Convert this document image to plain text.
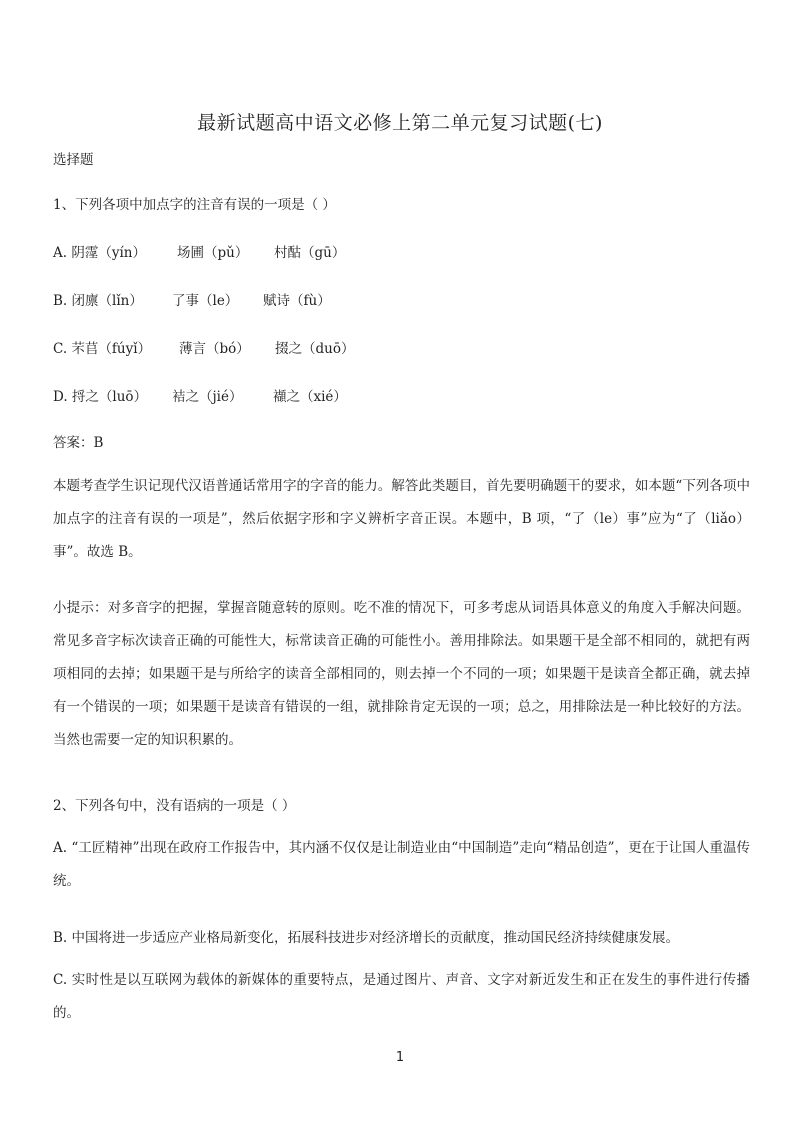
最新试题高中语文必修上第二单元复习试题(七)
选择题
1、下列各项中加点字的注音有误的一项是（ ）
A. 阴霪（yín） 场圃（pǔ） 村酤（gū）
B. 闭廪（lǐn） 了事（le） 赋诗（fù）
C. 芣苢（fúyǐ） 薄言（bó） 掇之（duō）
D. 捋之（luō） 袺之（jié） 襭之（xié）
答案：B
本题考查学生识记现代汉语普通话常用字的字音的能力。解答此类题目，首先要明确题干的要求，如本题“下列各项中加点字的注音有误的一项是”，然后依据字形和字义辨析字音正误。本题中，B 项，“了（le）事”应为“了（liǎo）事”。故选 B。
小提示：对多音字的把握，掌握音随意转的原则。吃不准的情况下，可多考虑从词语具体意义的角度入手解决问题。常见多音字标次读音正确的可能性大，标常读音正确的可能性小。善用排除法。如果题干是全部不相同的，就把有两项相同的去掉；如果题干是与所给字的读音全部相同的，则去掉一个不同的一项；如果题干是读音全都正确，就去掉有一个错误的一项；如果题干是读音有错误的一组，就排除肯定无误的一项；总之，用排除法是一种比较好的方法。当然也需要一定的知识积累的。
2、下列各句中，没有语病的一项是（ ）
A. “工匠精神”出现在政府工作报告中，其内涵不仅仅是让制造业由“中国制造”走向“精品创造”，更在于让国人重温传统。
B. 中国将进一步适应产业格局新变化，拓展科技进步对经济增长的贡献度，推动国民经济持续健康发展。
C. 实时性是以互联网为载体的新媒体的重要特点，是通过图片、声音、文字对新近发生和正在发生的事件进行传播的。
1
